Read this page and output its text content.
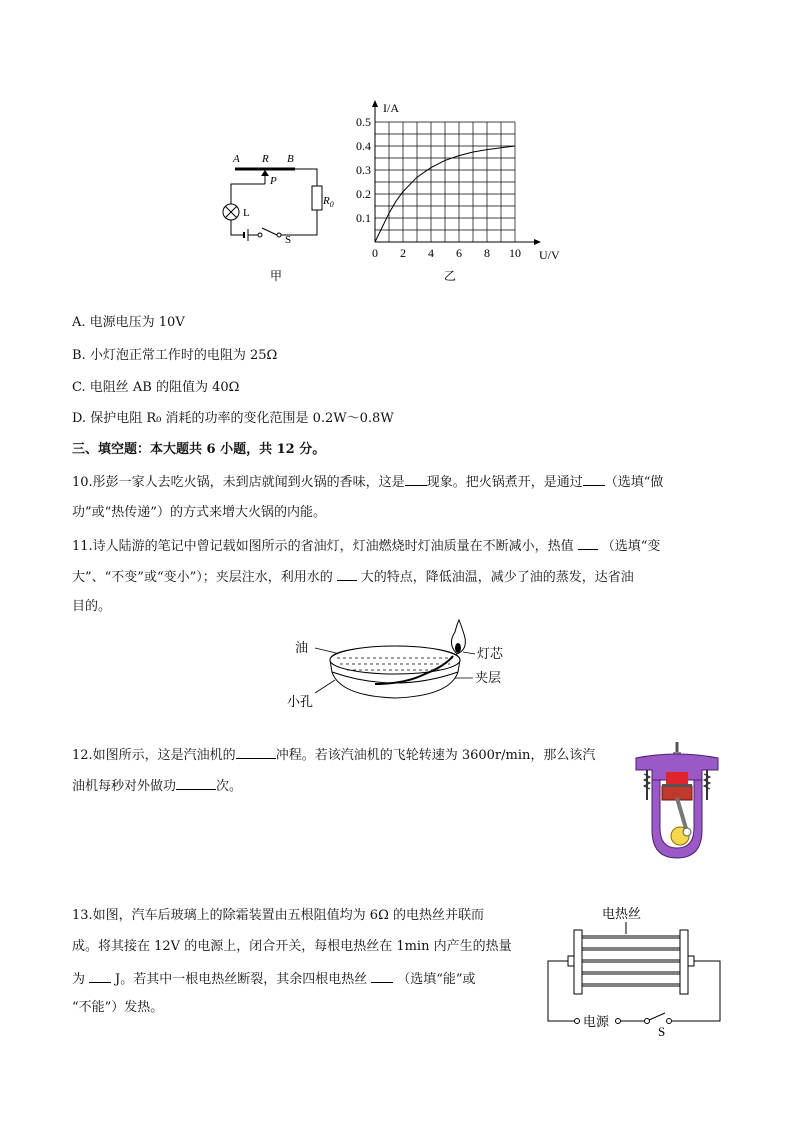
A R B
P
$R_0$
S
L
甲
0 2 4 6 8 10
0.1
0.2
0.3
0.4
0.5
I/A
U/V
乙
A. 电源电压为 10V
B. 小灯泡正常工作时的电阻为 25Ω
C. 电阻丝 AB 的阻值为 40Ω
D. 保护电阻 R₀ 消耗的功率的变化范围是 0.2W～0.8W
三、填空题：本大题共 6 小题，共 12 分。
10.彤彭一家人去吃火锅，未到店就闻到火锅的香味，这是 现象。把火锅煮开，是通过 （选填“做
功”或“热传递”）的方式来增大火锅的内能。
11.诗人陆游的笔记中曾记载如图所示的省油灯，灯油燃烧时灯油质量在不断减小，热值 （选填“变
大”、“不变”或“变小”）；夹层注水，利用水的 大的特点，降低油温，减少了油的蒸发，达省油
目的。
油	灯芯
夹层
小孔
12.如图所示，这是汽油机的	冲程。若该汽油机的飞轮转速为 3600r/min，那么该汽
油机每秒对外做功	次。
13.如图，汽车后玻璃上的除霜装置由五根阻值均为 6Ω 的电热丝并联而
成。将其接在 12V 的电源上，闭合开关，每根电热丝在 1min 内产生的热量
为 J。若其中一根电热丝断裂，其余四根电热丝 （选填“能”或
“不能”）发热。
电热丝
电源
S
